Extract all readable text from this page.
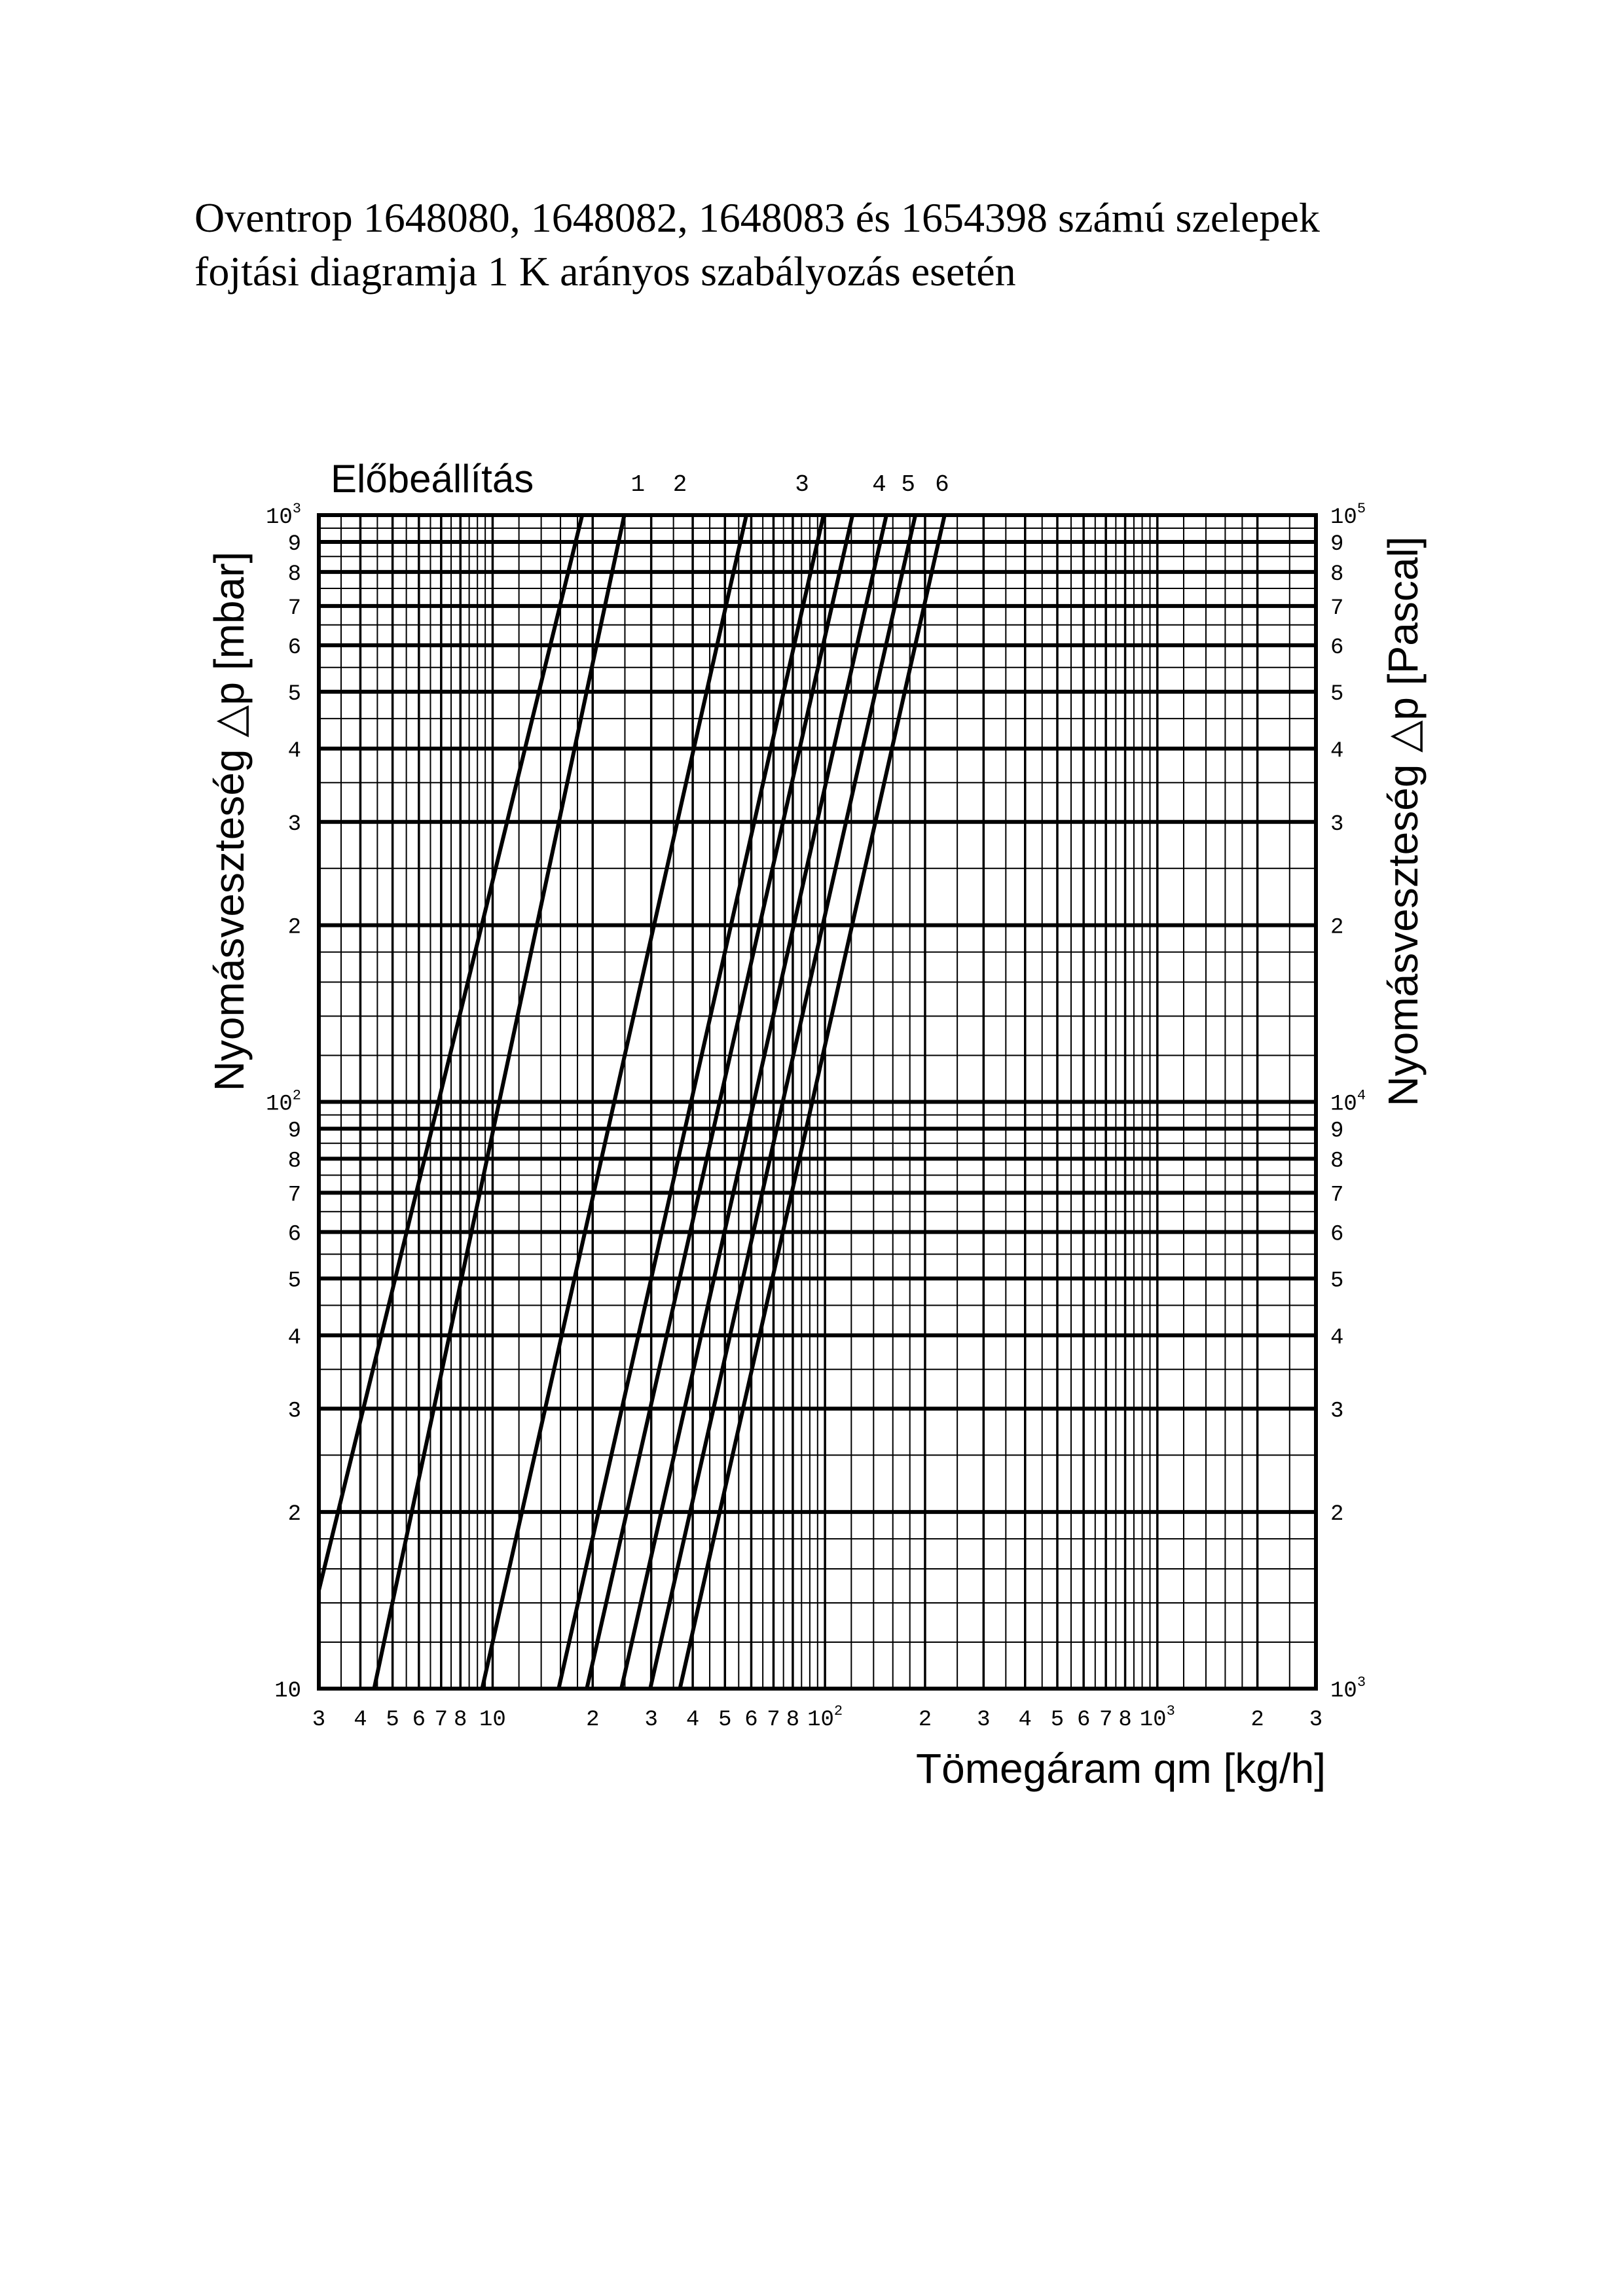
Oventrop 1648080, 1648082, 1648083 és 1654398 számú szelepek
fojtási diagramja 1 K arányos szabályozás esetén
3 4 5 6 7 8 10	2 3 4 5 6 7 8 $10^2$	2 3 4 5 6 7 8 $10^3$	2 3
10
2
3
4
5
6
7
8
9
$10^2$
2
3
4
5
6
7
8
9
$10^3$
$10^3$
2
3
4
5
6
7
8
9
$10^4$
2
3
4
5
6
7
8
9
$10^5$
Előbeállítás	1 2	3	4 5 6
Tömegáram qm [kg/h]
Nyomásveszteség △p [mbar]	Nyomásveszteség △p [Pascal]
